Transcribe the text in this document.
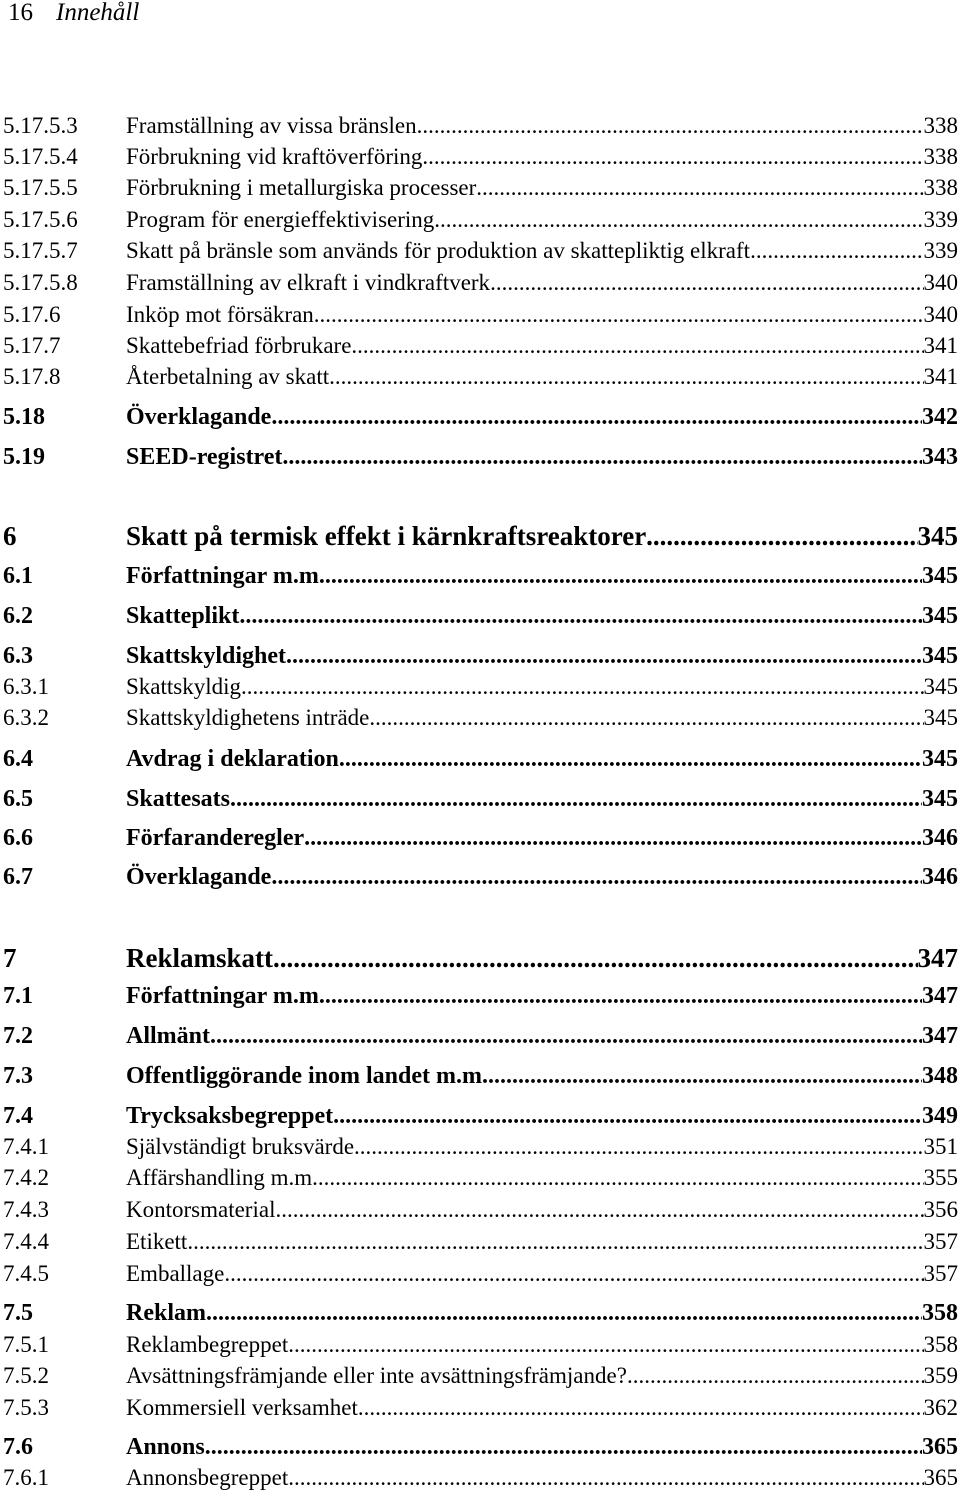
16 Innehåll
5.17.5.3 Framställning av vissa bränslen .....	338
5.17.5.4 Förbrukning vid kraftöverföring .....	338
5.17.5.5 Förbrukning i metallurgiska processer .....	338
5.17.5.6 Program för energieffektivisering .....	339
5.17.5.7 Skatt på bränsle som används för produktion av skattepliktig elkraft .....	339
5.17.5.8 Framställning av elkraft i vindkraftverk .....	340
5.17.6	Inköp mot försäkran .....	340
5.17.7	Skattebefriad förbrukare .....	341
5.17.8	Återbetalning av skatt .....	341
5.18	Överklagande .....	342
5.19	SEED-registret .....	343
6	Skatt på termisk effekt i kärnkraftsreaktorer .....	345
6.1	Författningar m.m. .....	345
6.2	Skatteplikt .....	345
6.3	Skattskyldighet .....	345
6.3.1	Skattskyldig .....	345
6.3.2	Skattskyldighetens inträde .....	345
6.4	Avdrag i deklaration .....	345
6.5	Skattesats .....	345
6.6	Förfaranderegler .....	346
6.7	Överklagande .....	346
7	Reklamskatt .....	347
7.1	Författningar m.m. .....	347
7.2	Allmänt .....	347
7.3	Offentliggörande inom landet m.m. .....	348
7.4	Trycksaksbegreppet .....	349
7.4.1	Självständigt bruksvärde .....	351
7.4.2	Affärshandling m.m. .....	355
7.4.3	Kontorsmaterial .....	356
7.4.4	Etikett .....	357
7.4.5	Emballage .....	357
7.5	Reklam .....	358
7.5.1	Reklambegreppet .....	358
7.5.2	Avsättningsfrämjande eller inte avsättningsfrämjande? .....	359
7.5.3	Kommersiell verksamhet .....	362
7.6	Annons .....	365
7.6.1	Annonsbegreppet .....	365
